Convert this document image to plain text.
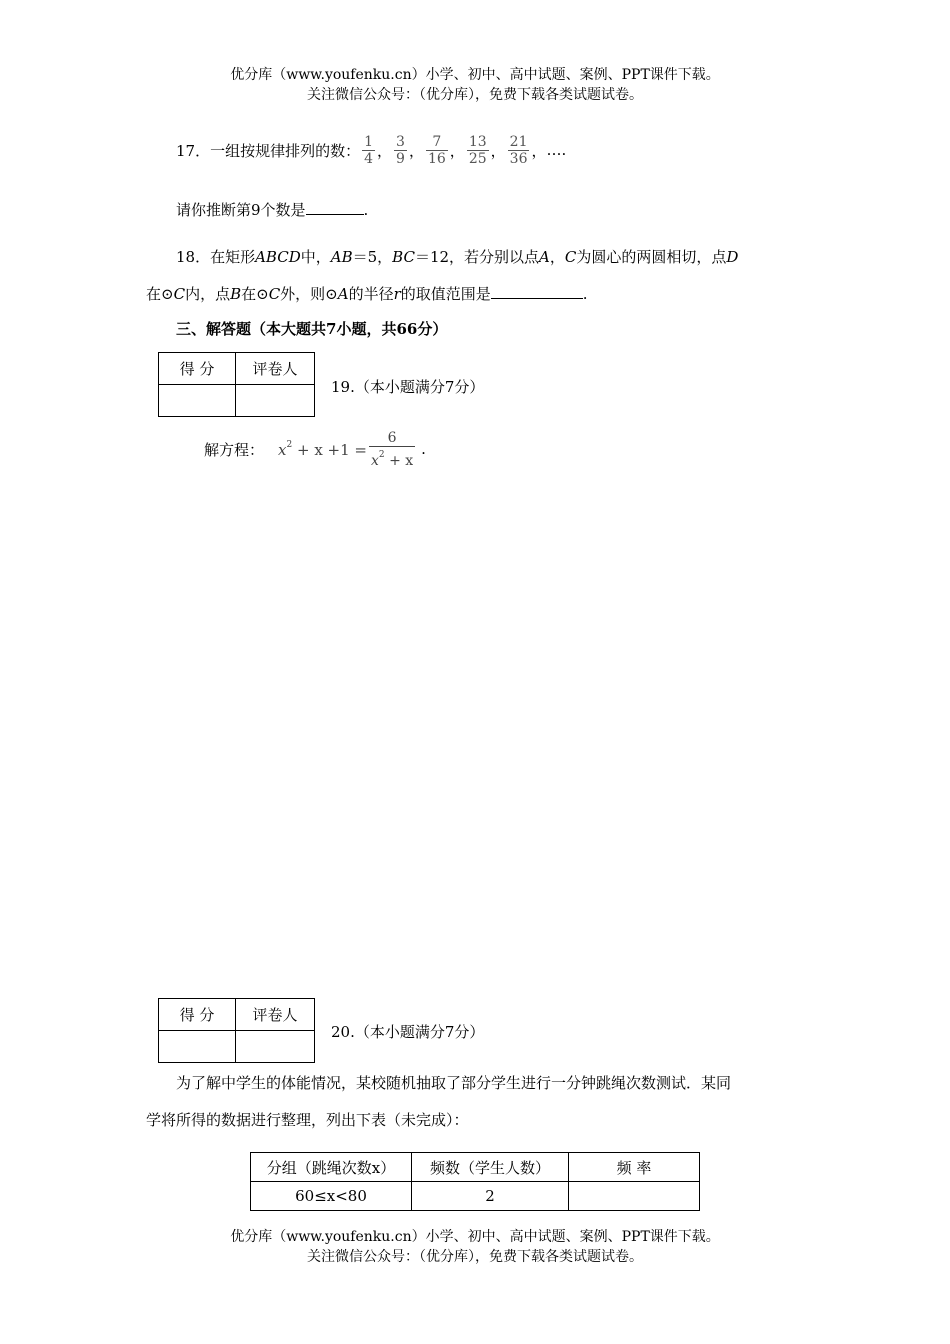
优分库（www.youfenku.cn）小学、初中、高中试题、案例、PPT课件下载。
关注微信公众号：（优分库），免费下载各类试题试卷。
17．一组按规律排列的数： $\frac{1}{4}$ ， $\frac{3}{9}$ ， $\frac{7}{16}$ ， $\frac{13}{25}$ ， $\frac{21}{36}$ ， ….
请你推断第9个数是	.
18．在矩形ABCD中，AB＝5，BC＝12，若分别以点A，C为圆心的两圆相切，点D
在⊙C内，点B在⊙C外，则⊙A的半径r的取值范围是	.
三、解答题（本大题共7小题，共66分）
得 分	评卷人

19.（本小题满分7分）
解方程： $x^2 + x +1 = \frac{6}{x^2 + x}$ .
得 分	评卷人

20.（本小题满分7分）
为了解中学生的体能情况，某校随机抽取了部分学生进行一分钟跳绳次数测试．某同
学将所得的数据进行整理，列出下表（未完成）：
分组（跳绳次数x）	频数（学生人数）	频 率
60≤x<80	2	
优分库（www.youfenku.cn）小学、初中、高中试题、案例、PPT课件下载。
关注微信公众号：（优分库），免费下载各类试题试卷。
